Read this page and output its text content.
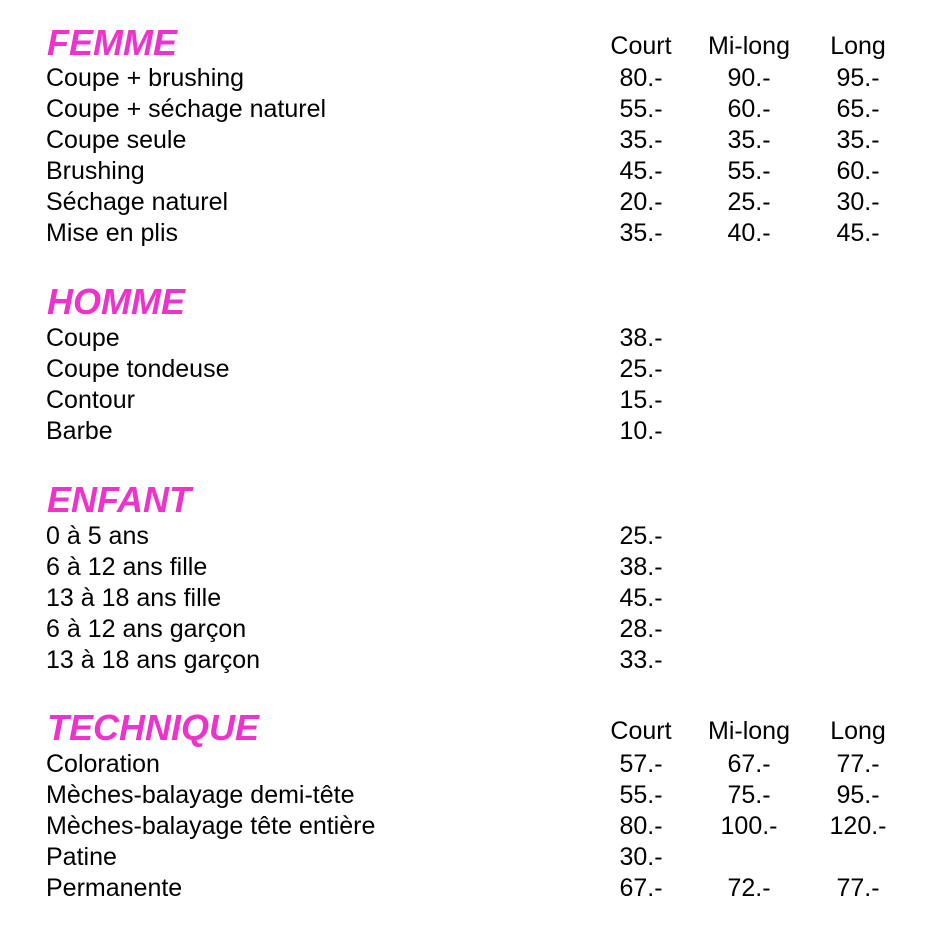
FEMME	Court Mi-long Long
Coupe + brushing	80.-	90.-	95.-
Coupe + séchage naturel	55.-	60.-	65.-
Coupe seule	35.-	35.-	35.-
Brushing	45.-	55.-	60.-
Séchage naturel	20.-	25.-	30.-
Mise en plis	35.-	40.-	45.-
HOMME
Coupe	38.-
Coupe tondeuse	25.-
Contour	15.-
Barbe	10.-
ENFANT
0 à 5 ans	25.-
6 à 12 ans fille	38.-
13 à 18 ans fille	45.-
6 à 12 ans garçon	28.-
13 à 18 ans garçon	33.-
TECHNIQUE	Court Mi-long Long
Coloration	57.-	67.-	77.-
Mèches-balayage demi-tête	55.-	75.-	95.-
Mèches-balayage tête entière	80.- 100.- 120.-
Patine	30.-
Permanente	67.-	72.-	77.-
